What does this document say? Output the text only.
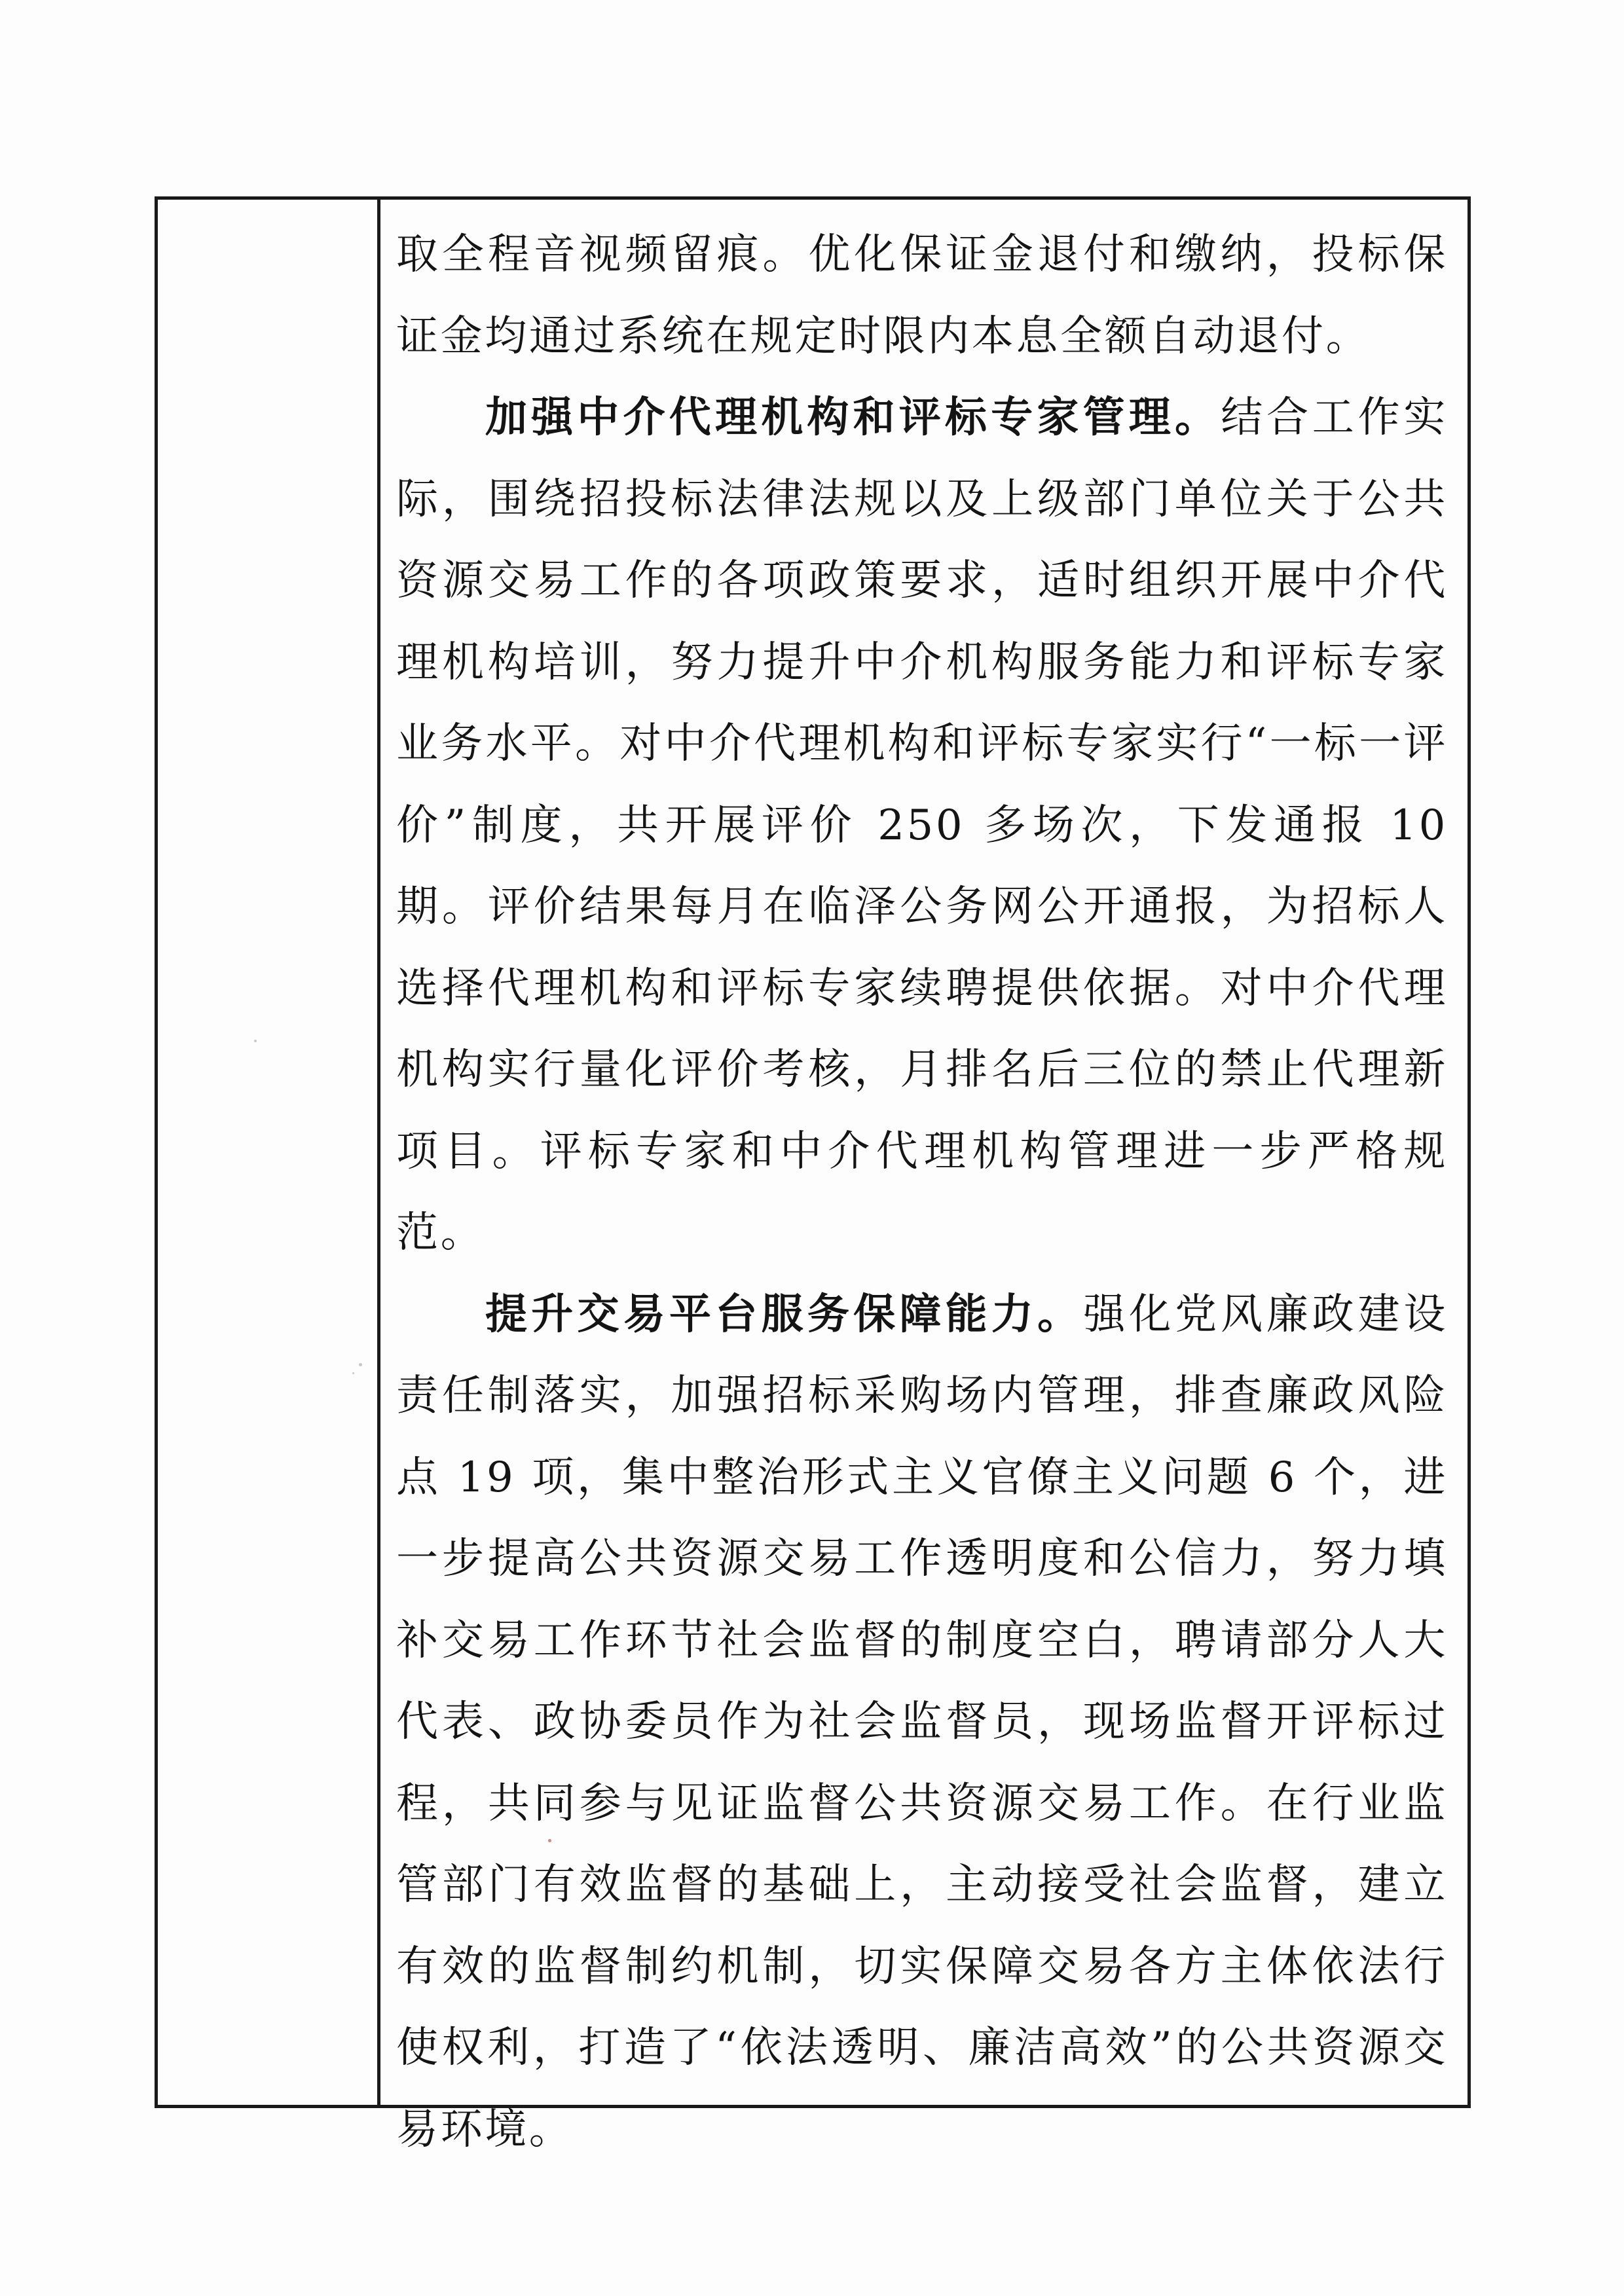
取全程音视频留痕。优化保证金退付和缴纳，投标保证金均通过系统在规定时限内本息全额自动退付。

加强中介代理机构和评标专家管理。结合工作实际，围绕招投标法律法规以及上级部门单位关于公共资源交易工作的各项政策要求，适时组织开展中介代理机构培训，努力提升中介机构服务能力和评标专家业务水平。对中介代理机构和评标专家实行“一标一评价”制度，共开展评价 250 多场次，下发通报 10 期。评价结果每月在临泽公务网公开通报，为招标人选择代理机构和评标专家续聘提供依据。对中介代理机构实行量化评价考核，月排名后三位的禁止代理新项目。评标专家和中介代理机构管理进一步严格规范。

提升交易平台服务保障能力。强化党风廉政建设责任制落实，加强招标采购场内管理，排查廉政风险点 19 项，集中整治形式主义官僚主义问题 6 个，进一步提高公共资源交易工作透明度和公信力，努力填补交易工作环节社会监督的制度空白，聘请部分人大代表、政协委员作为社会监督员，现场监督开评标过程，共同参与见证监督公共资源交易工作。在行业监管部门有效监督的基础上，主动接受社会监督，建立有效的监督制约机制，切实保障交易各方主体依法行使权利，打造了“依法透明、廉洁高效”的公共资源交易环境。
